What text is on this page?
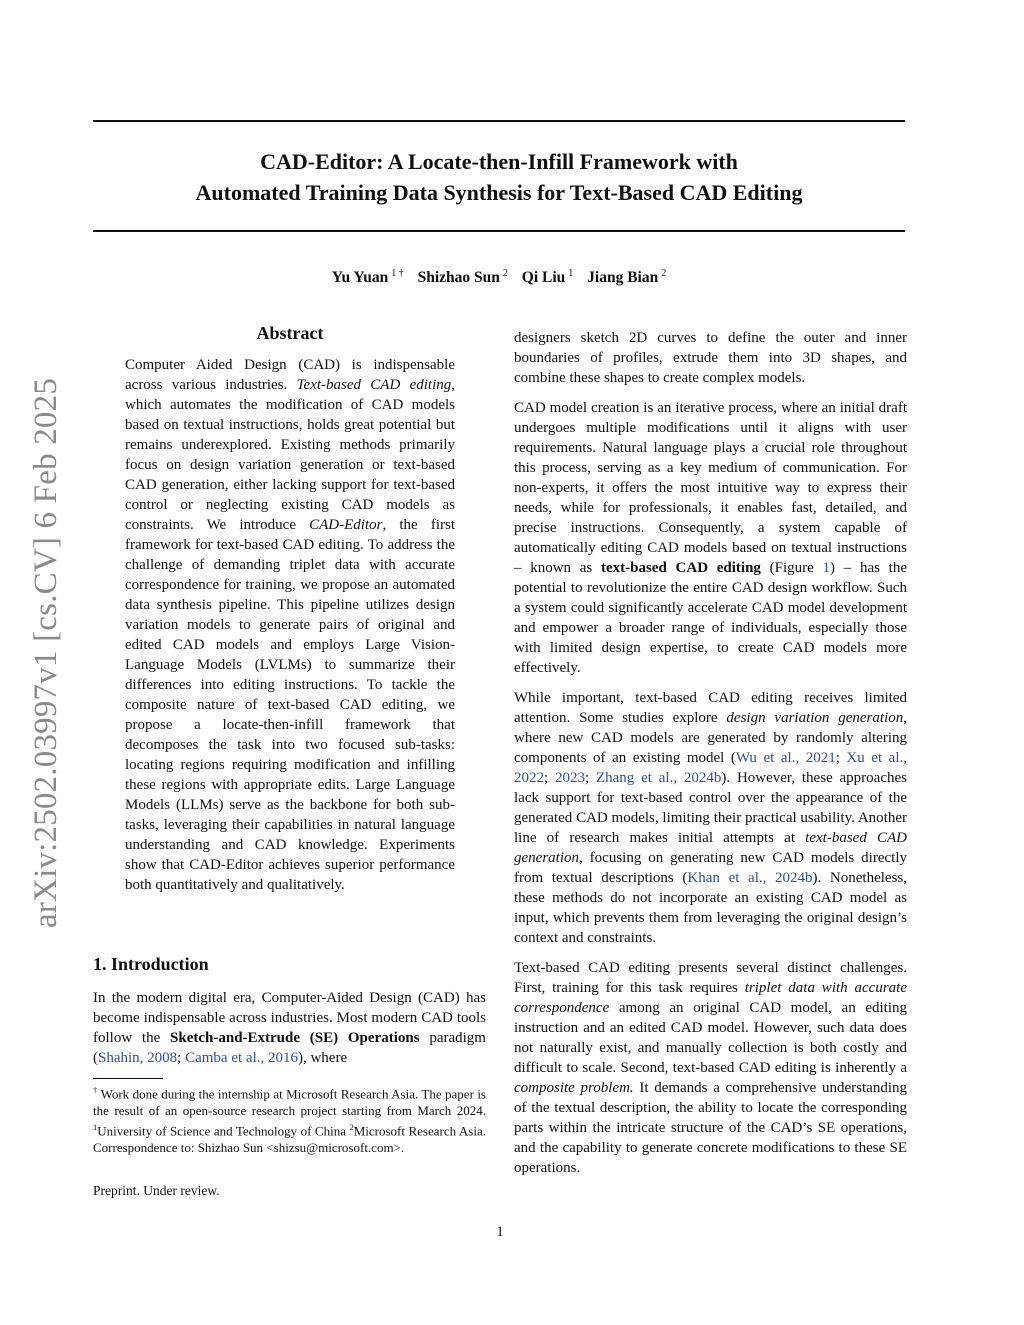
arXiv:2502.03997v1 [cs.CV] 6 Feb 2025
CAD-Editor: A Locate-then-Infill Framework with
Automated Training Data Synthesis for Text-Based CAD Editing
Yu Yuan $^{1 \dagger}$ Shizhao Sun $^2$ Qi Liu $^1$ Jiang Bian $^2$
Abstract

Computer Aided Design (CAD) is indispensable across various industries. Text-based CAD editing, which automates the modification of CAD models based on textual instructions, holds great potential but remains underexplored. Existing methods primarily focus on design variation generation or text-based CAD generation, either lacking support for text-based control or neglecting existing CAD models as constraints. We introduce CAD-Editor, the first framework for text-based CAD editing. To address the challenge of demanding triplet data with accurate correspondence for training, we propose an automated data synthesis pipeline. This pipeline utilizes design variation models to generate pairs of original and edited CAD models and employs Large Vision-Language Models (LVLMs) to summarize their differences into editing instructions. To tackle the composite nature of text-based CAD editing, we propose a locate-then-infill framework that decomposes the task into two focused sub-tasks: locating regions requiring modification and infilling these regions with appropriate edits. Large Language Models (LLMs) serve as the backbone for both sub-tasks, leveraging their capabilities in natural language understanding and CAD knowledge. Experiments show that CAD-Editor achieves superior performance both quantitatively and qualitatively.

1. Introduction

In the modern digital era, Computer-Aided Design (CAD) has become indispensable across industries. Most modern CAD tools follow the Sketch-and-Extrude (SE) Operations paradigm (Shahin, 2008; Camba et al., 2016), where

† Work done during the internship at Microsoft Research Asia. The paper is the result of an open-source research project starting from March 2024. $^1$University of Science and Technology of China $^2$Microsoft Research Asia. Correspondence to: Shizhao Sun <shizsu@microsoft.com>.

Preprint. Under review.

designers sketch 2D curves to define the outer and inner boundaries of profiles, extrude them into 3D shapes, and combine these shapes to create complex models.

CAD model creation is an iterative process, where an initial draft undergoes multiple modifications until it aligns with user requirements. Natural language plays a crucial role throughout this process, serving as a key medium of communication. For non-experts, it offers the most intuitive way to express their needs, while for professionals, it enables fast, detailed, and precise instructions. Consequently, a system capable of automatically editing CAD models based on textual instructions – known as text-based CAD editing (Figure 1) – has the potential to revolutionize the entire CAD design workflow. Such a system could significantly accelerate CAD model development and empower a broader range of individuals, especially those with limited design expertise, to create CAD models more effectively.

While important, text-based CAD editing receives limited attention. Some studies explore design variation generation, where new CAD models are generated by randomly altering components of an existing model (Wu et al., 2021; Xu et al., 2022; 2023; Zhang et al., 2024b). However, these approaches lack support for text-based control over the appearance of the generated CAD models, limiting their practical usability. Another line of research makes initial attempts at text-based CAD generation, focusing on generating new CAD models directly from textual descriptions (Khan et al., 2024b). Nonetheless, these methods do not incorporate an existing CAD model as input, which prevents them from leveraging the original design’s context and constraints.

Text-based CAD editing presents several distinct challenges. First, training for this task requires triplet data with accurate correspondence among an original CAD model, an editing instruction and an edited CAD model. However, such data does not naturally exist, and manually collection is both costly and difficult to scale. Second, text-based CAD editing is inherently a composite problem. It demands a comprehensive understanding of the textual description, the ability to locate the corresponding parts within the intricate structure of the CAD’s SE operations, and the capability to generate concrete modifications to these SE operations.

1
